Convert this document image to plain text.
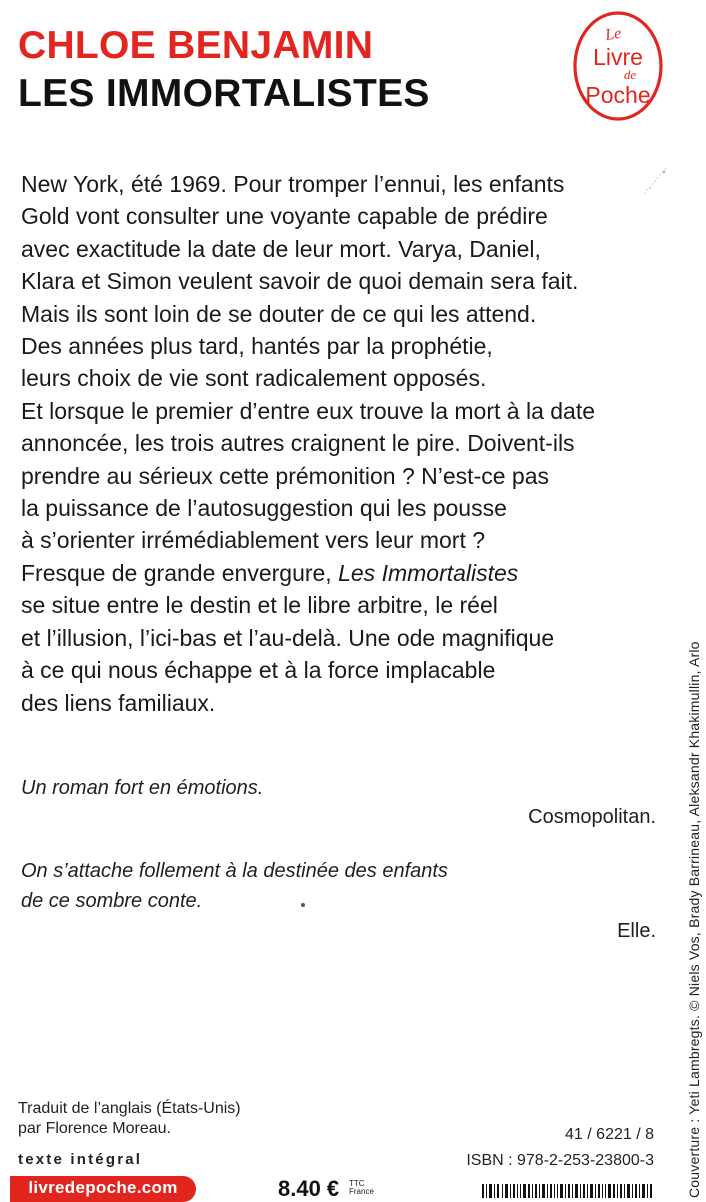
CHLOE BENJAMIN
LES IMMORTALISTES
Le
Livre
de
Poche
New York, été 1969. Pour tromper l’ennui, les enfants
Gold vont consulter une voyante capable de prédire
avec exactitude la date de leur mort. Varya, Daniel,
Klara et Simon veulent savoir de quoi demain sera fait.
Mais ils sont loin de se douter de ce qui les attend.
Des années plus tard, hantés par la prophétie,
leurs choix de vie sont radicalement opposés.
Et lorsque le premier d’entre eux trouve la mort à la date
annoncée, les trois autres craignent le pire. Doivent-ils
prendre au sérieux cette prémonition ? N’est-ce pas
la puissance de l’autosuggestion qui les pousse
à s’orienter irrémédiablement vers leur mort ?
Fresque de grande envergure, Les Immortalistes
se situe entre le destin et le libre arbitre, le réel
et l’illusion, l’ici-bas et l’au-delà. Une ode magnifique
à ce qui nous échappe et à la force implacable
des liens familiaux.
Un roman fort en émotions.
Cosmopolitan.
On s’attache follement à la destinée des enfants
de ce sombre conte.
Elle. Couverture : Yeti Lambregts. © Niels Vos, Brady Barrineau, Aleksandr Khakimullin, Arlo
Traduit de l’anglais (États-Unis)
par Florence Moreau.
texte intégral
livredepoche.com	8.40 € TTC
France
41 / 6221 / 8
ISBN : 978-2-253-23800-3
